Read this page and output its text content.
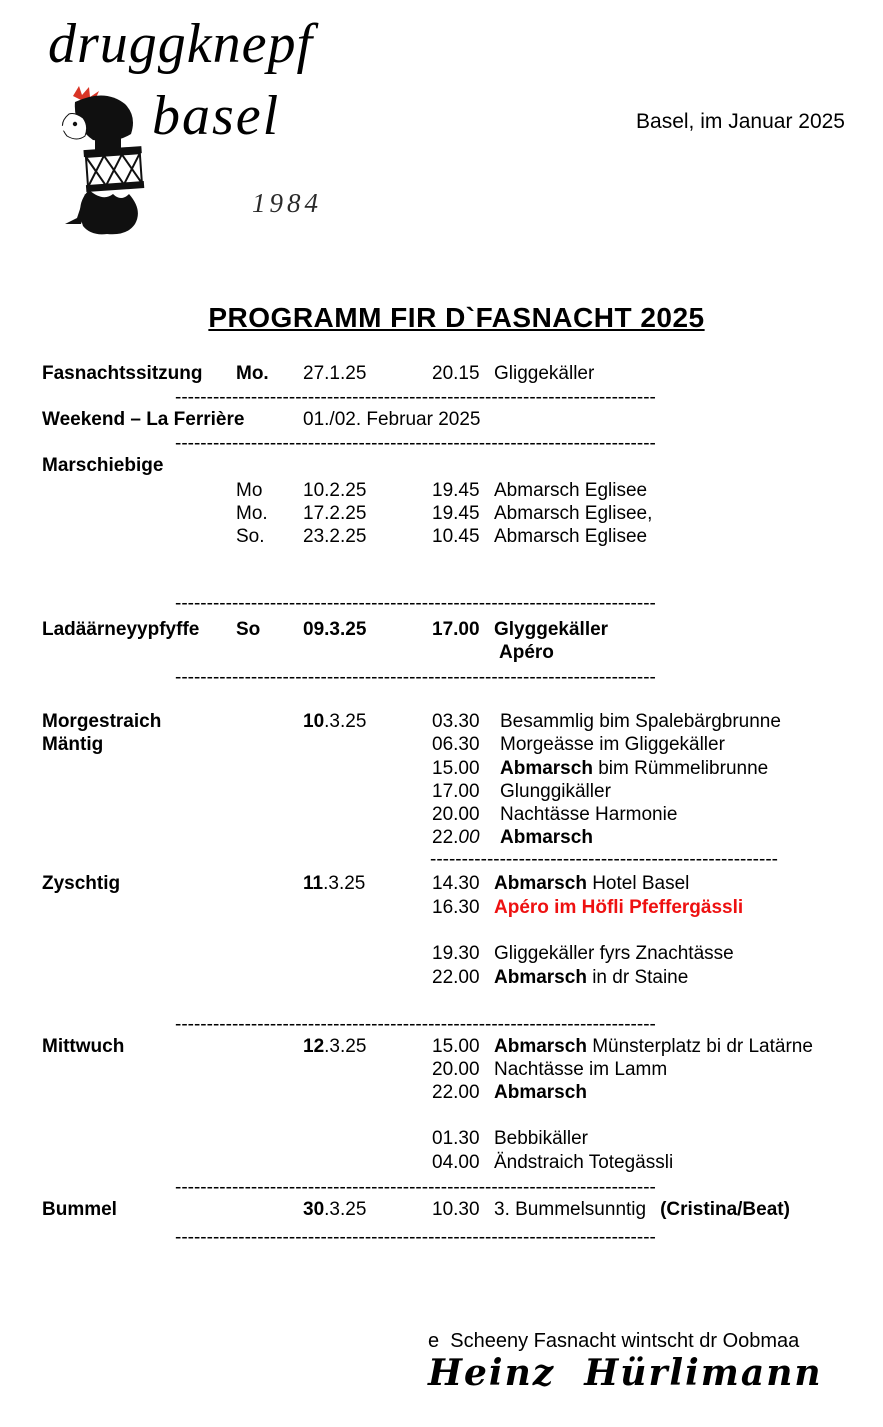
druggknepf
basel
1984
Basel, im Januar 2025
PROGRAMM FIR D`FASNACHT 2025
Fasnachtssitzung Mo. 27.1.25	20.15 Gliggekäller
----------------------------------------------------------------------------
Weekend – La Ferrière	01./02. Februar 2025
----------------------------------------------------------------------------
Marschiebige
Mo 10.2.25	19.45 Abmarsch Eglisee
Mo. 17.2.25	19.45 Abmarsch Eglisee,
So. 23.2.25	10.45 Abmarsch Eglisee
----------------------------------------------------------------------------
Ladäärneyypfyffe So 09.3.25	17.00 Glyggekäller
Apéro
----------------------------------------------------------------------------
Morgestraich	10.3.25	03.30 Besammlig bim Spalebärgbrunne
Mäntig	06.30 Morgeässe im Gliggekäller
15.00 Abmarsch bim Rümmelibrunne
17.00 Glunggikäller
20.00 Nachtässe Harmonie
22.00 Abmarsch
-------------------------------------------------------
Zyschtig	11.3.25	14.30 Abmarsch Hotel Basel
16.30 Apéro im Höfli Pfeffergässli
19.30 Gliggekäller fyrs Znachtässe
22.00 Abmarsch in dr Staine
----------------------------------------------------------------------------
Mittwuch	12.3.25	15.00 Abmarsch Münsterplatz bi dr Latärne
20.00 Nachtässe im Lamm
22.00 Abmarsch
01.30 Bebbikäller
04.00 Ändstraich Totegässli
----------------------------------------------------------------------------
Bummel	30.3.25	10.30 3. Bummelsunntig (Cristina/Beat)
----------------------------------------------------------------------------
e  Scheeny Fasnacht wintscht dr Oobmaa
Heinz  Hürlimann
